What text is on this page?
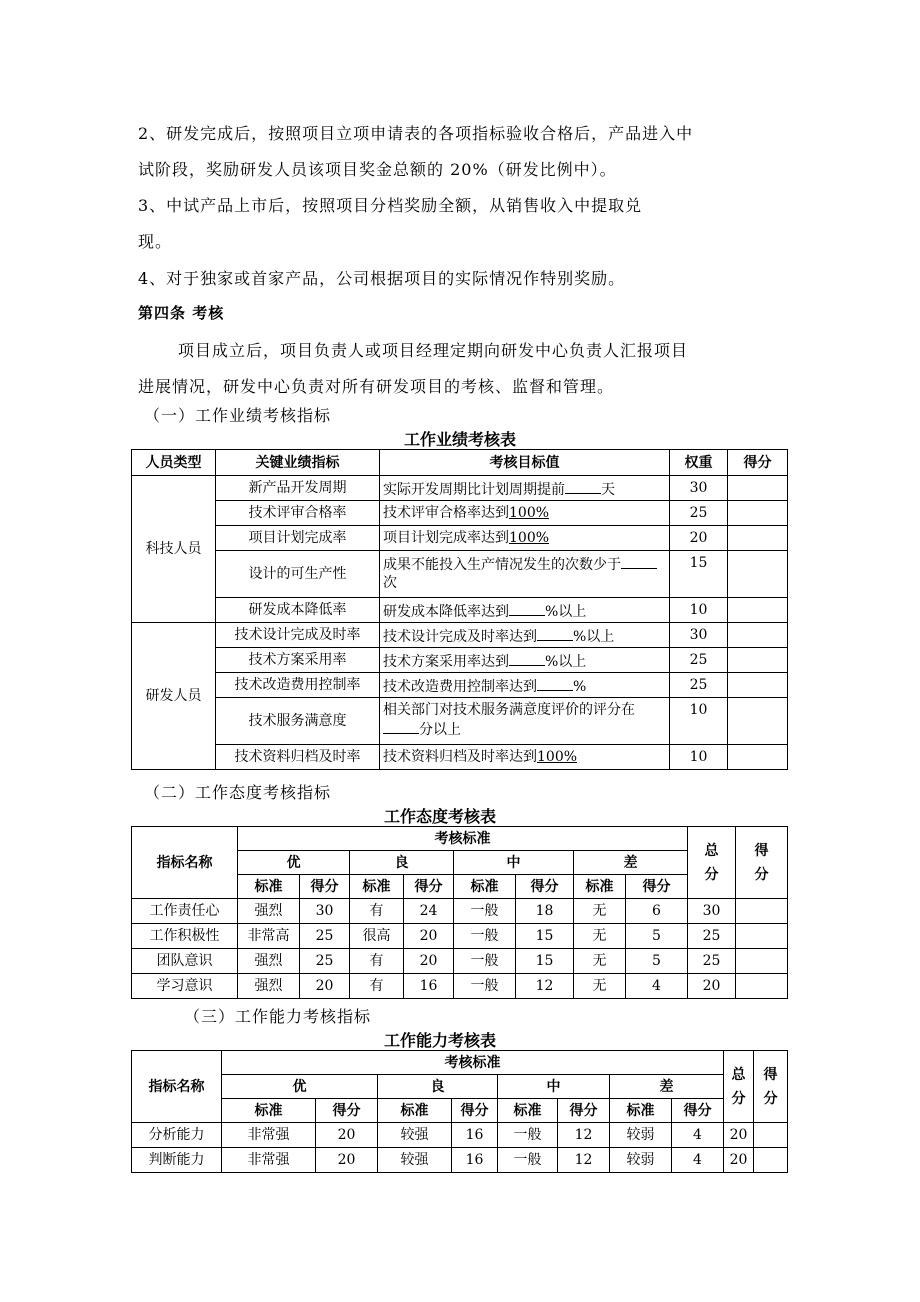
2、研发完成后，按照项目立项申请表的各项指标验收合格后，产品进入中
试阶段，奖励研发人员该项目奖金总额的 20%（研发比例中）。
3、中试产品上市后，按照项目分档奖励全额，从销售收入中提取兑
现。
4、对于独家或首家产品，公司根据项目的实际情况作特别奖励。
第四条 考核
项目成立后，项目负责人或项目经理定期向研发中心负责人汇报项目
进展情况，研发中心负责对所有研发项目的考核、监督和管理。
（一）工作业绩考核指标
工作业绩考核表
人员类型	关键业绩指标	考核目标值	权重	得分
科技人员	新产品开发周期	实际开发周期比计划周期提前 天	30	
	技术评审合格率	技术评审合格率达到100%	25	
	项目计划完成率	项目计划完成率达到100%	20	
	设计的可生产性	成果不能投入生产情况发生的次数少于次	15	
	研发成本降低率	研发成本降低率达到 %以上	10	
研发人员	技术设计完成及时率	技术设计完成及时率达到 %以上	30	
	技术方案采用率	技术方案采用率达到 %以上	25	
	技术改造费用控制率	技术改造费用控制率达到 %	25	
	技术服务满意度	相关部门对技术服务满意度评价的评分在分以上	10	
	技术资料归档及时率	技术资料归档及时率达到100%	10	
（二）工作态度考核指标
工作态度考核表
指标名称	考核标准								总分	得分
	优		良		中		差			
	标准	得分	标准	得分	标准	得分	标准	得分		
工作责任心	强烈	30	有	24	一般	18	无	6	30	
工作积极性	非常高	25	很高	20	一般	15	无	5	25	
团队意识	强烈	25	有	20	一般	15	无	5	25	
学习意识	强烈	20	有	16	一般	12	无	4	20	
（三）工作能力考核指标
工作能力考核表
指标名称	考核标准								总分	得分
	优		良		中		差			
	标准	得分	标准	得分	标准	得分	标准	得分		
分析能力	非常强	20	较强	16	一般	12	较弱	4	20	
判断能力	非常强	20	较强	16	一般	12	较弱	4	20	
